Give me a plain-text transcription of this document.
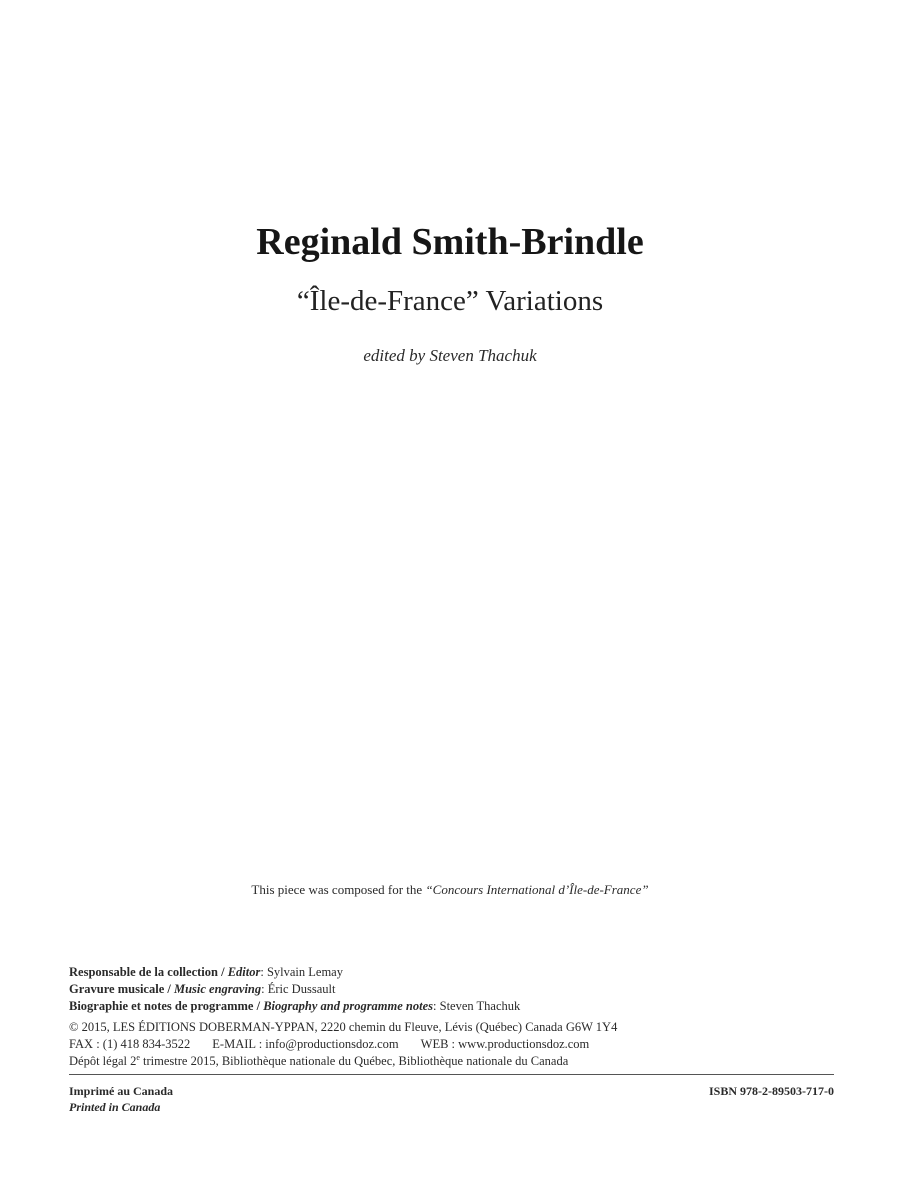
Reginald Smith-Brindle
“Île-de-France” Variations
edited by Steven Thachuk
This piece was composed for the “Concours International d’Île-de-France”
Responsable de la collection / Editor: Sylvain Lemay
Gravure musicale / Music engraving: Éric Dussault
Biographie et notes de programme / Biography and programme notes: Steven Thachuk
© 2015, LES ÉDITIONS DOBERMAN-YPPAN, 2220 chemin du Fleuve, Lévis (Québec) Canada G6W 1Y4
FAX : (1) 418 834-3522 E-MAIL : info@productionsdoz.com WEB : www.productionsdoz.com
Dépôt légal 2e trimestre 2015, Bibliothèque nationale du Québec, Bibliothèque nationale du Canada
Imprimé au Canada
Printed in Canada
ISBN 978-2-89503-717-0
